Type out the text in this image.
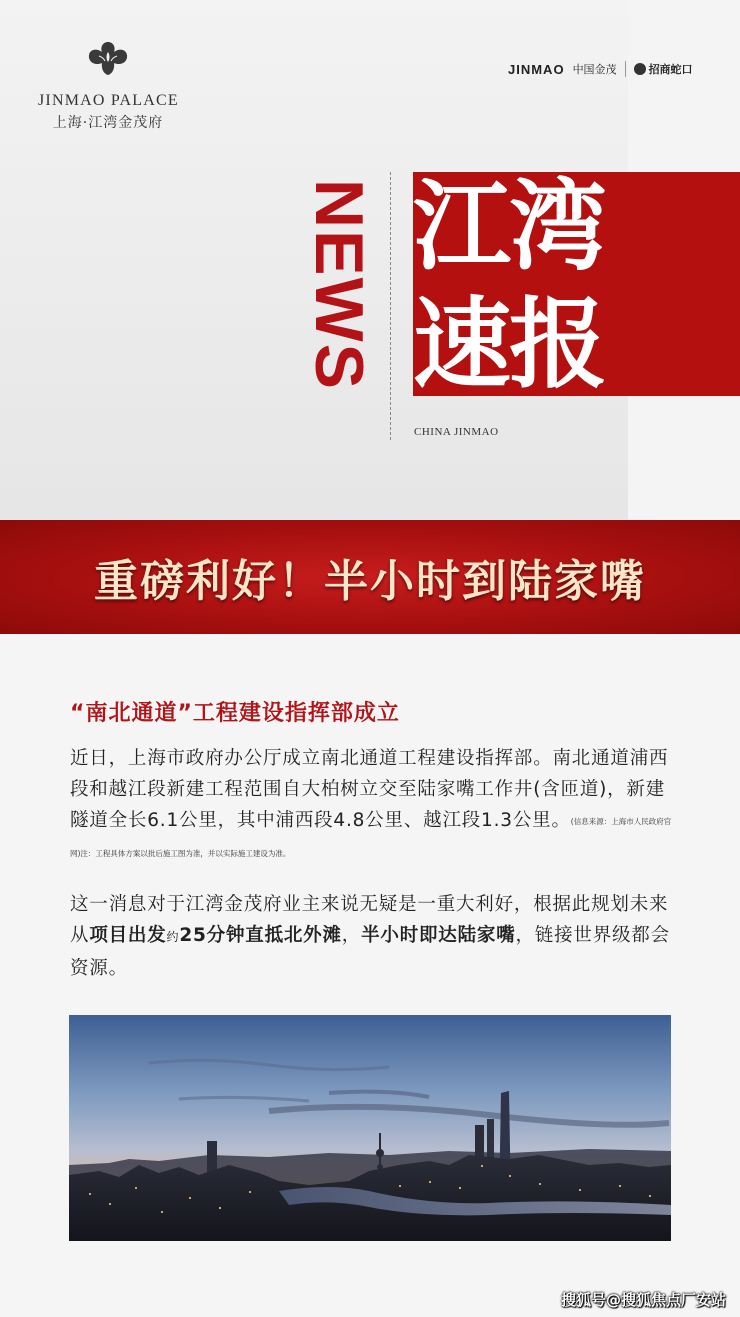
JINMAO PALACE
上海·江湾金茂府
JINMAO 中国金茂	招商蛇口
NEWS 江湾
速报
CHINA JINMAO
重磅利好！半小时到陆家嘴
“南北通道”工程建设指挥部成立

近日，上海市政府办公厅成立南北通道工程建设指挥部。南北通道浦西段和越江段新建工程范围自大柏树立交至陆家嘴工作井(含匝道)，新建隧道全长6.1公里，其中浦西段4.8公里、越江段1.3公里。(信息来源：上海市人民政府官网)注：工程具体方案以批后施工图为准，并以实际施工建设为准。

这一消息对于江湾金茂府业主来说无疑是一重大利好，根据此规划未来从项目出发约25分钟直抵北外滩，半小时即达陆家嘴，链接世界级都会资源。

搜狐号@搜狐焦点厂安站
